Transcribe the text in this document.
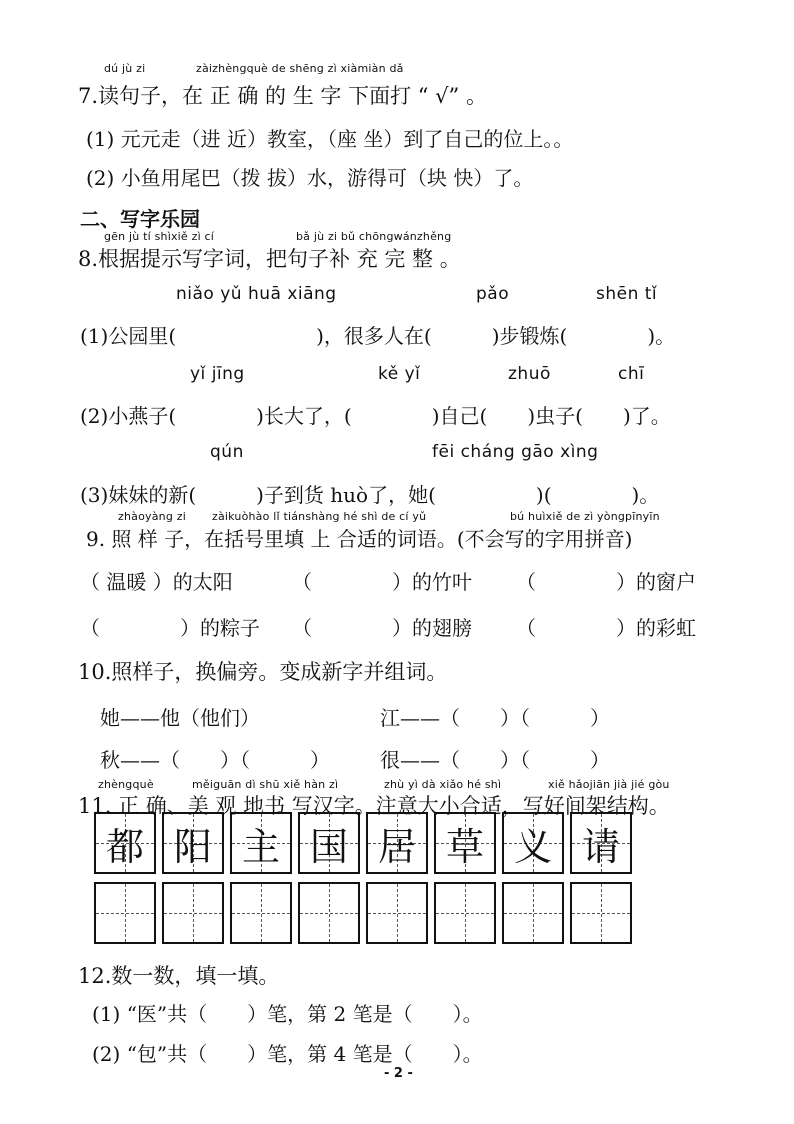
dú jù zi	zàizhèngquè de shēng zì xiàmiàn dǎ
7.读句子，在 正 确 的 生 字 下面打 “ √” 。
(1) 元元走（进 近）教室，（座 坐）到了自己的位上。。
(2) 小鱼用尾巴（拨 拔）水，游得可（块 快）了。
二、写字乐园
gēn jù tí shìxiě zì cí	bǎ jù zi bǔ chōngwánzhěng
8.根据提示写字词，把句子补 充 完 整 。
niǎo yǔ huā xiāng	pǎo	shēn tǐ
(1)公园里(　　　　　　　)，很多人在(　　　)步锻炼(　　　　)。
yǐ jīng	kě yǐ	zhuō	chī
(2)小燕子(　　　　)长大了，(　　　　)自己(　　)虫子(　　)了。
qún	fēi cháng gāo xìng
(3)妹妹的新(　　　)子到货 huò了，她(　　　　　)(　　　　)。
zhàoyàng zi zàikuòhào lǐ tiánshàng hé shì de cí yǔ	bú huìxiě de zì yòngpīnyīn
9. 照 样 子，在括号里填 上 合适的词语。(不会写的字用拼音)
（ 温暖 ）的太阳	（　　　　）的竹叶 （　　　　）的窗户
（　　　　）的粽子 （　　　　）的翅膀 （　　　　）的彩虹
10.照样子，换偏旁。变成新字并组词。
她——他（他们）	江——（　　）（　　　）
秋——（　　）（　　　）	很——（　　）（　　　）
zhèngquè	měiguān dì shū xiě hàn zì	zhù yì dà xiǎo hé shì	xiě hǎojiān jià jié gòu
11. 正 确、美 观 地书 写汉字。注意大小合适，写好间架结构。
都 阳 主 国 居 草 义 请
12.数一数，填一填。
(1) “医”共（　　）笔，第 2 笔是（　　）。
(2) “包”共（　　）笔，第 4 笔是（　　）。
- 2 -
